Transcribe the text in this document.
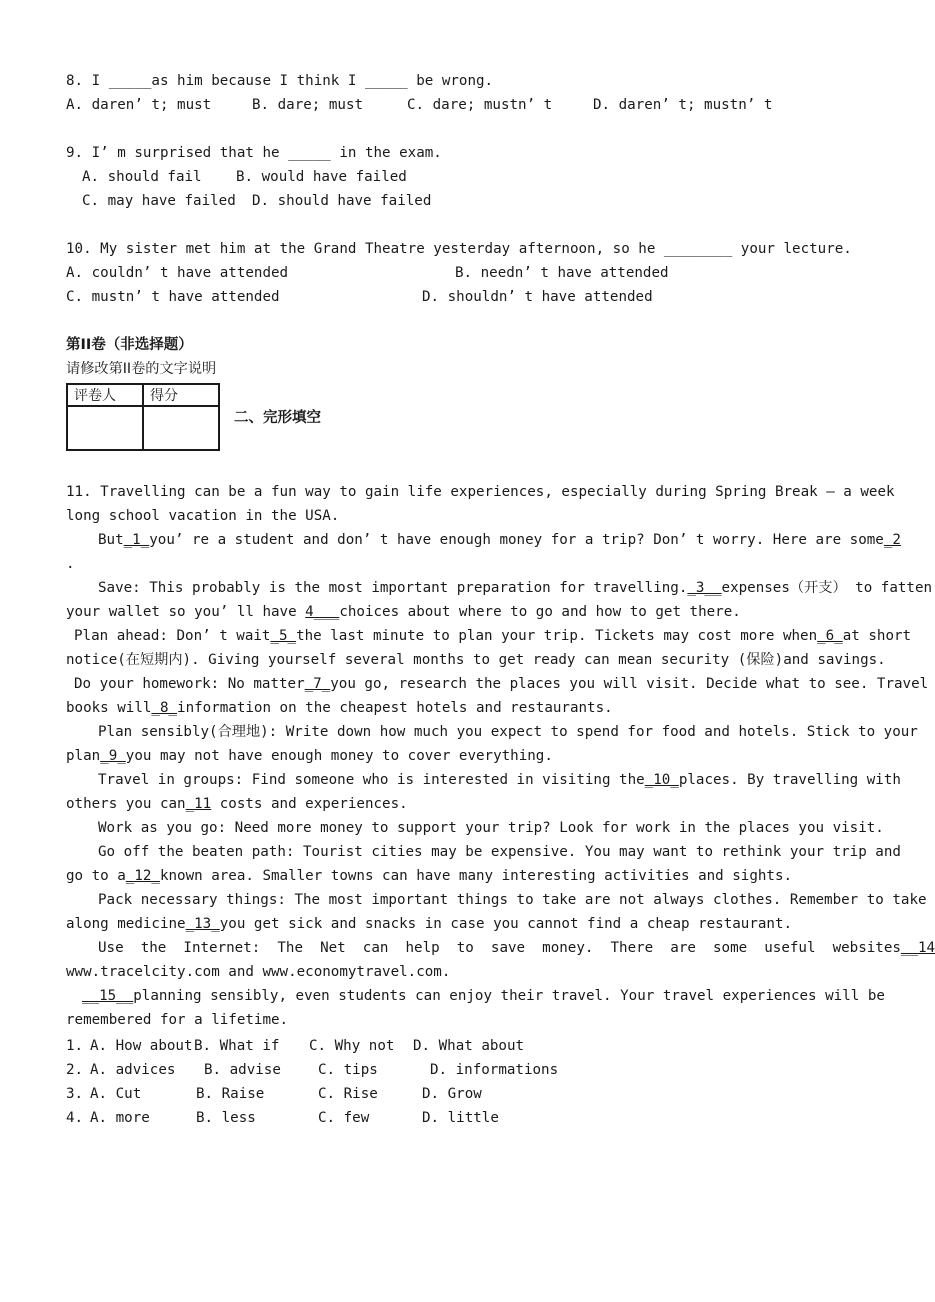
8. I _____as him because I think I _____ be wrong.
A. daren’ t; must	B. dare; must	C. dare; mustn’ t	D. daren’ t; mustn’ t
9. I’ m surprised that he _____ in the exam.
A. should fail B. would have failed
C. may have failed D. should have failed
10. My sister met him at the Grand Theatre yesterday afternoon, so he ________ your lecture.
A. couldn’ t have attended	B. needn’ t have attended
C. mustn’ t have attended	D. shouldn’ t have attended
第II卷（非选择题）
请修改第II卷的文字说明
评卷人	得分

二、完形填空
11. Travelling can be a fun way to gain life experiences, especially during Spring Break — a week
long school vacation in the USA.
But_1_you’ re a student and don’ t have enough money for a trip? Don’ t worry. Here are some_2
.
Save: This probably is the most important preparation for travelling._3__expenses（开支） to fatten
your wallet so you’ ll have 4___choices about where to go and how to get there.
Plan ahead: Don’ t wait_5_the last minute to plan your trip. Tickets may cost more when_6_at short
notice(在短期内). Giving yourself several months to get ready can mean security (保险)and savings.
Do your homework: No matter_7_you go, research the places you will visit. Decide what to see. Travel
books will_8_information on the cheapest hotels and restaurants.
Plan sensibly(合理地): Write down how much you expect to spend for food and hotels. Stick to your
plan_9_you may not have enough money to cover everything.
Travel in groups: Find someone who is interested in visiting the_10_places. By travelling with
others you can_11 costs and experiences.
Work as you go: Need more money to support your trip? Look for work in the places you visit.
Go off the beaten path: Tourist cities may be expensive. You may want to rethink your trip and
go to a_12_known area. Smaller towns can have many interesting activities and sights.
Pack necessary things: The most important things to take are not always clothes. Remember to take
along medicine_13_you get sick and snacks in case you cannot find a cheap restaurant.
Use  the  Internet:  The  Net  can  help  to  save  money.  There  are  some  useful  websites__14
www.tracelcity.com and www.economytravel.com.
__15__planning sensibly, even students can enjoy their travel. Your travel experiences will be
remembered for a lifetime.
1. A. How about B. What if C. Why not D. What about
2. A. advices B. advise	C. tips	D. informations
3. A. Cut	B. Raise	C. Rise	D. Grow
4. A. more	B. less	C. few	D. little
